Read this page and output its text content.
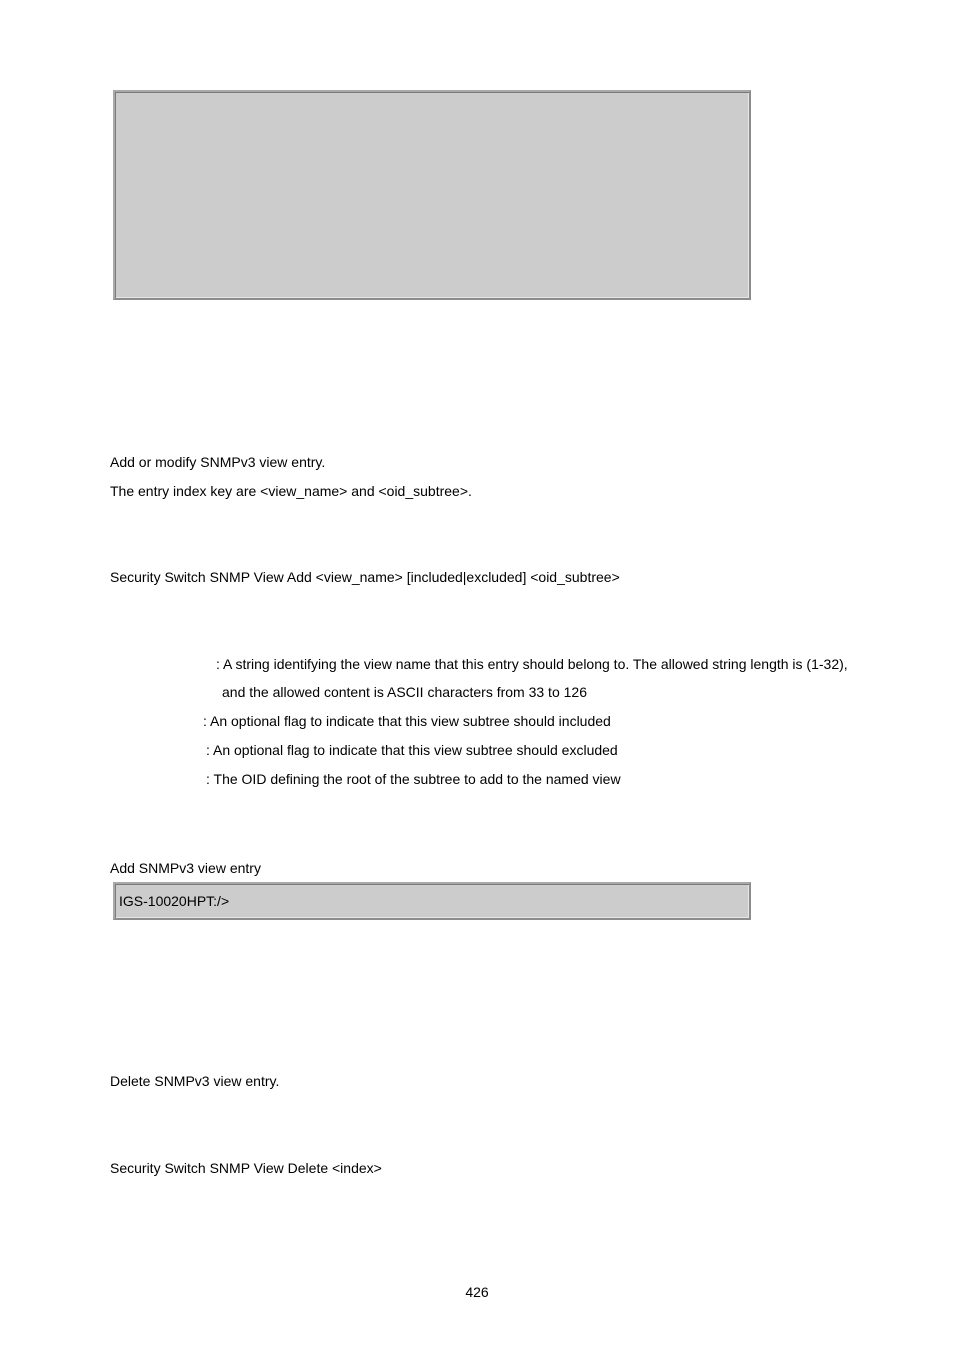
Add or modify SNMPv3 view entry.
The entry index key are <view_name> and <oid_subtree>.
Security Switch SNMP View Add <view_name> [included|excluded] <oid_subtree>
: A string identifying the view name that this entry should belong to. The allowed string length is (1-32),
and the allowed content is ASCII characters from 33 to 126
: An optional flag to indicate that this view subtree should included
: An optional flag to indicate that this view subtree should excluded
: The OID defining the root of the subtree to add to the named view
Add SNMPv3 view entry
IGS-10020HPT:/>
Delete SNMPv3 view entry.
Security Switch SNMP View Delete <index>
426
